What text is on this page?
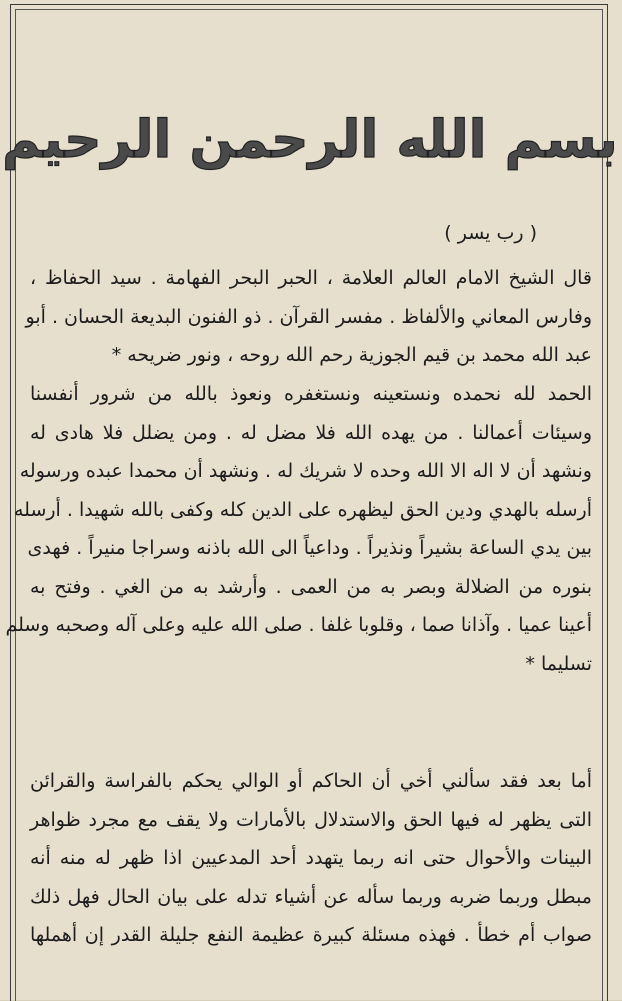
بسم الله الرحمن الرحيم
( رب يسر )
قال الشيخ الامام العالم العلامة ، الحبر البحر الفهامة . سيد الحفاظ ،
وفارس المعاني والألفاظ . مفسر القرآن . ذو الفنون البديعة الحسان . أبو
عبد الله محمد بن قيم الجوزية رحم الله روحه ، ونور ضريحه *
الحمد لله نحمده ونستعينه ونستغفره ونعوذ بالله من شرور أنفسنا
وسيئات أعمالنا . من يهده الله فلا مضل له . ومن يضلل فلا هادى له
ونشهد أن لا اله الا الله وحده لا شريك له . ونشهد أن محمدا عبده ورسوله
أرسله بالهدي ودين الحق ليظهره على الدين كله وكفى بالله شهيدا . أرسله
بين يدي الساعة بشيراً ونذيراً . وداعياً الى الله باذنه وسراجا منيراً . فهدى
بنوره من الضلالة وبصر به من العمى . وأرشد به من الغي . وفتح به
أعينا عميا . وآذانا صما ، وقلوبا غلفا . صلى الله عليه وعلى آله وصحبه وسلم
تسليما *
أما بعد فقد سألني أخي أن الحاكم أو الوالي يحكم بالفراسة والقرائن
التى يظهر له فيها الحق والاستدلال بالأمارات ولا يقف مع مجرد ظواهر
البينات والأحوال حتى انه ربما يتهدد أحد المدعيين اذا ظهر له منه أنه
مبطل وربما ضربه وربما سأله عن أشياء تدله على بيان الحال فهل ذلك
صواب أم خطأ . فهذه مسئلة كبيرة عظيمة النفع جليلة القدر إن أهملها
